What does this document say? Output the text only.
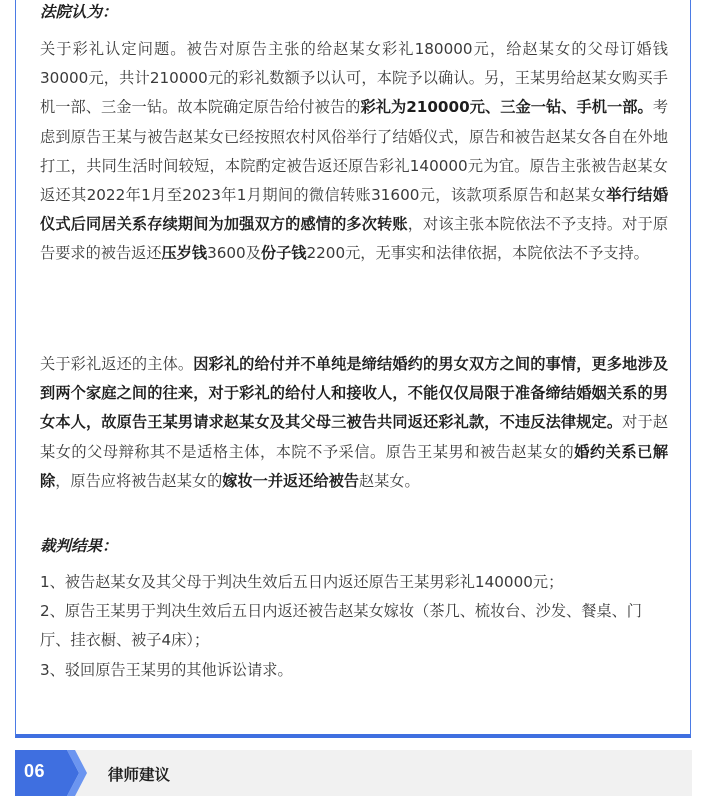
法院认为：

关于彩礼认定问题。被告对原告主张的给赵某女彩礼180000元，给赵某女的父母订婚钱30000元，共计210000元的彩礼数额予以认可，本院予以确认。另，王某男给赵某女购买手机一部、三金一钻。故本院确定原告给付被告的彩礼为210000元、三金一钻、手机一部。考虑到原告王某与被告赵某女已经按照农村风俗举行了结婚仪式，原告和被告赵某女各自在外地打工，共同生活时间较短，本院酌定被告返还原告彩礼140000元为宜。原告主张被告赵某女返还其2022年1月至2023年1月期间的微信转账31600元，该款项系原告和赵某女举行结婚仪式后同居关系存续期间为加强双方的感情的多次转账，对该主张本院依法不予支持。对于原告要求的被告返还压岁钱3600及份子钱2200元，无事实和法律依据，本院依法不予支持。

关于彩礼返还的主体。因彩礼的给付并不单纯是缔结婚约的男女双方之间的事情，更多地涉及到两个家庭之间的往来，对于彩礼的给付人和接收人，不能仅仅局限于准备缔结婚姻关系的男女本人，故原告王某男请求赵某女及其父母三被告共同返还彩礼款，不违反法律规定。对于赵某女的父母辩称其不是适格主体，本院不予采信。原告王某男和被告赵某女的婚约关系已解除，原告应将被告赵某女的嫁妆一并返还给被告赵某女。

裁判结果：
1、被告赵某女及其父母于判决生效后五日内返还原告王某男彩礼140000元；
2、原告王某男于判决生效后五日内返还被告赵某女嫁妆（茶几、梳妆台、沙发、餐桌、门厅、挂衣橱、被子4床）；
3、驳回原告王某男的其他诉讼请求。
06	律师建议
